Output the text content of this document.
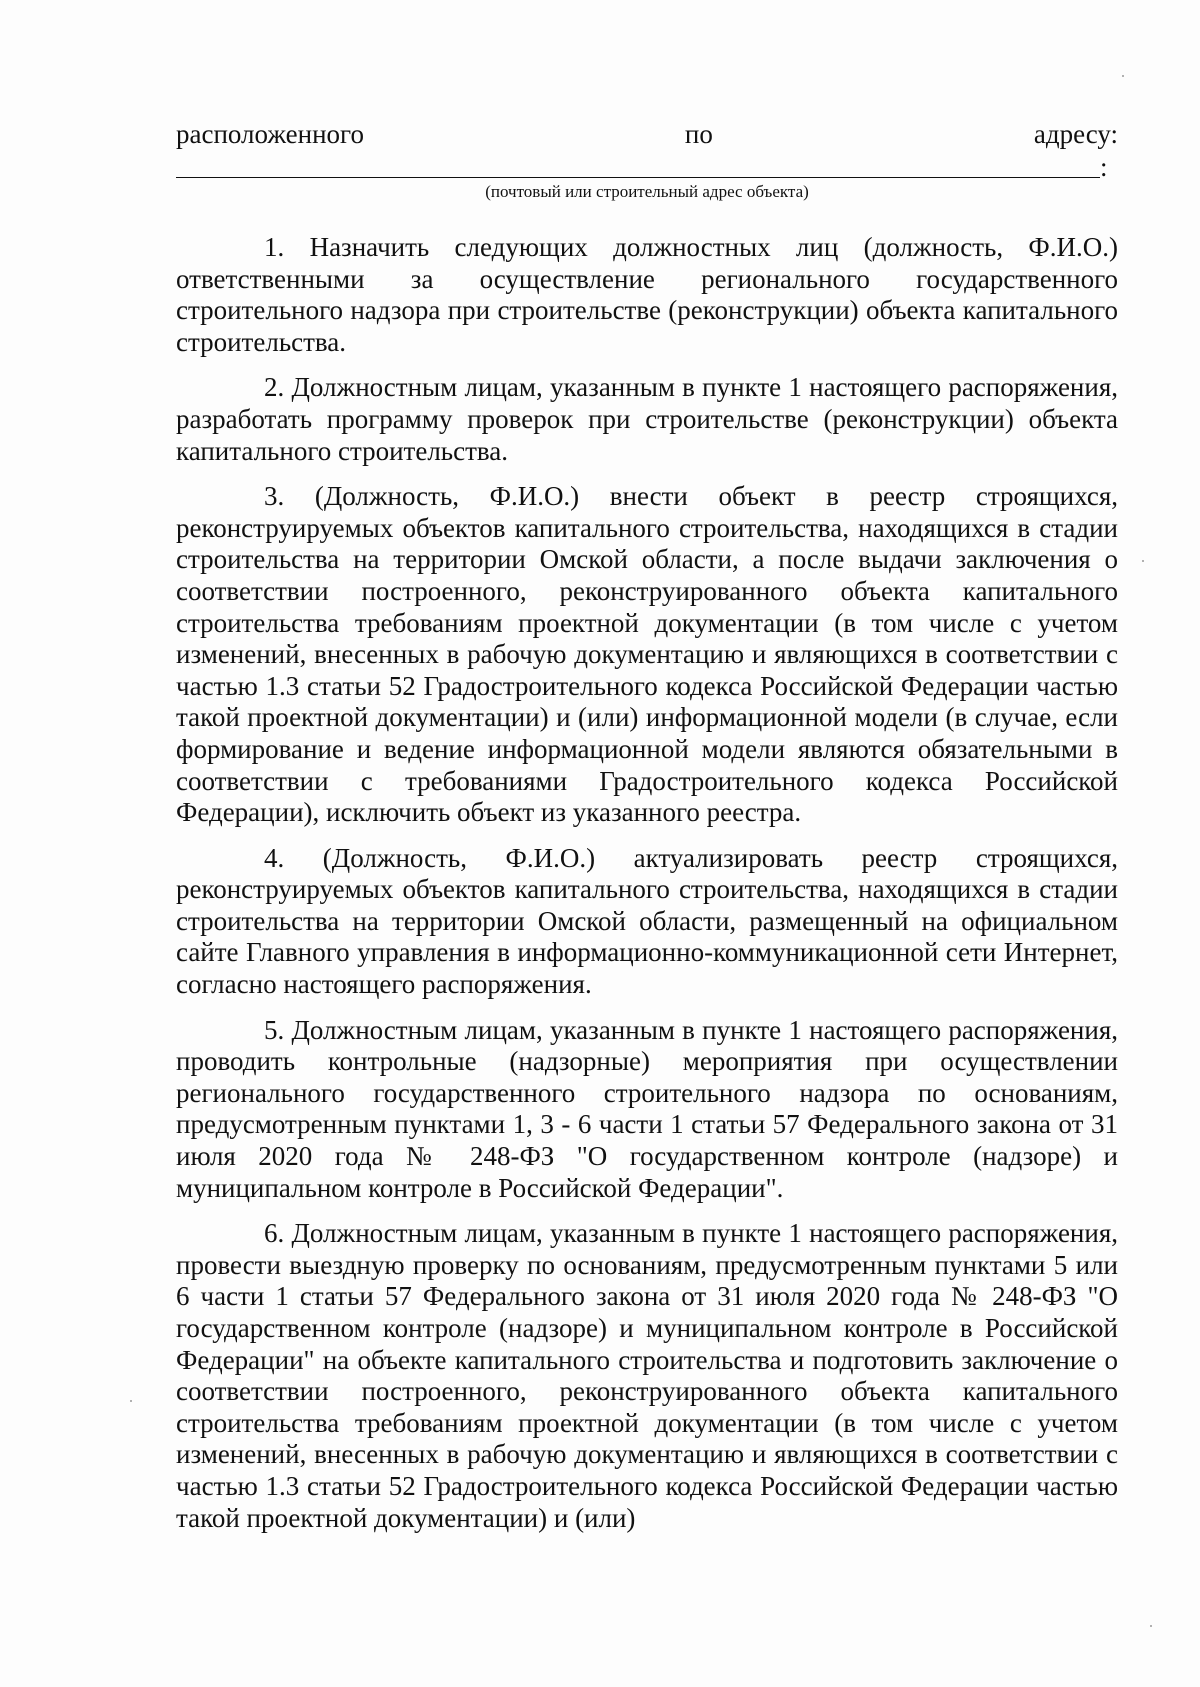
расположенного	по	адресу:
:
(почтовый или строительный адрес объекта)

1. Назначить следующих должностных лиц (должность, Ф.И.О.) ответственными за осуществление регионального государственного строительного надзора при строительстве (реконструкции) объекта капитального строительства.

2. Должностным лицам, указанным в пункте 1 настоящего распоряжения, разработать программу проверок при строительстве (реконструкции) объекта капитального строительства.

3. (Должность, Ф.И.О.) внести объект в реестр строящихся, реконструируемых объектов капитального строительства, находящихся в стадии строительства на территории Омской области, а после выдачи заключения о соответствии построенного, реконструированного объекта капитального строительства требованиям проектной документации (в том числе с учетом изменений, внесенных в рабочую документацию и являющихся в соответствии с частью 1.3 статьи 52 Градостроительного кодекса Российской Федерации частью такой проектной документации) и (или) информационной модели (в случае, если формирование и ведение информационной модели являются обязательными в соответствии с требованиями Градостроительного кодекса Российской Федерации), исключить объект из указанного реестра.

4. (Должность, Ф.И.О.) актуализировать реестр строящихся, реконструируемых объектов капитального строительства, находящихся в стадии строительства на территории Омской области, размещенный на официальном сайте Главного управления в информационно-коммуникационной сети Интернет, согласно настоящего распоряжения.

5. Должностным лицам, указанным в пункте 1 настоящего распоряжения, проводить контрольные (надзорные) мероприятия при осуществлении регионального государственного строительного надзора по основаниям, предусмотренным пунктами 1, 3 - 6 части 1 статьи 57 Федерального закона от 31 июля 2020 года № 248-ФЗ "О государственном контроле (надзоре) и муниципальном контроле в Российской Федерации".

6. Должностным лицам, указанным в пункте 1 настоящего распоряжения, провести выездную проверку по основаниям, предусмотренным пунктами 5 или 6 части 1 статьи 57 Федерального закона от 31 июля 2020 года № 248-ФЗ "О государственном контроле (надзоре) и муниципальном контроле в Российской Федерации" на объекте капитального строительства и подготовить заключение о соответствии построенного, реконструированного объекта капитального строительства требованиям проектной документации (в том числе с учетом изменений, внесенных в рабочую документацию и являющихся в соответствии с частью 1.3 статьи 52 Градостроительного кодекса Российской Федерации частью такой проектной документации) и (или)
